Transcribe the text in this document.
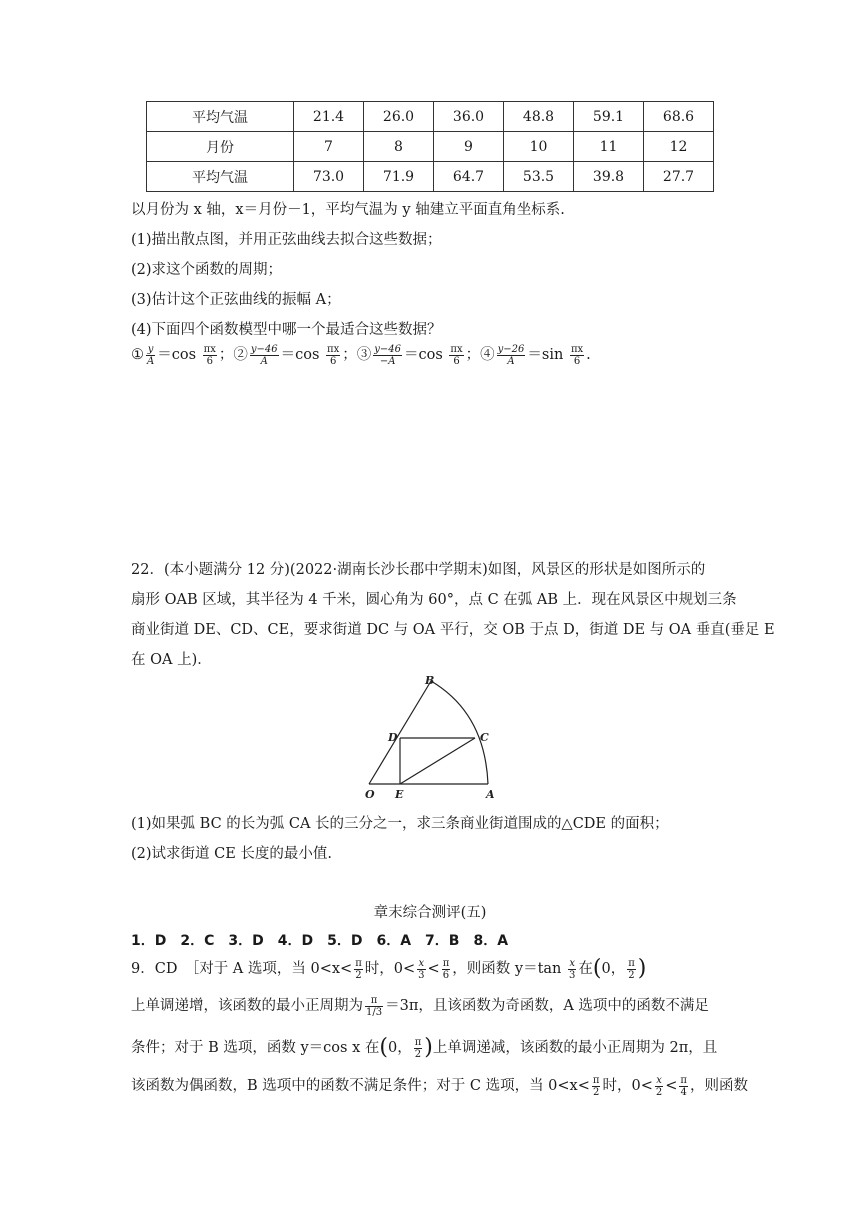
平均气温	21.4	26.0	36.0	48.8	59.1	68.6
月份	7	8	9	10	11	12
平均气温	73.0	71.9	64.7	53.5	39.8	27.7
以月份为 x 轴，x＝月份－1，平均气温为 y 轴建立平面直角坐标系.
(1)描出散点图，并用正弦曲线去拟合这些数据；
(2)求这个函数的周期；
(3)估计这个正弦曲线的振幅 A；
(4)下面四个函数模型中哪一个最适合这些数据？
① $\frac{y}{A} =\cos \frac{\pi x}{6}$ ；② $\frac{y-46}{A} =\cos \frac{\pi x}{6}$ ；③ $\frac{y-46}{-A} =\cos \frac{\pi x}{6}$ ；④ $\frac{y-26}{A} =\sin \frac{\pi x}{6}$ .
22．(本小题满分 12 分)(2022·湖南长沙长郡中学期末)如图，风景区的形状是如图所示的
扇形 OAB 区域，其半径为 4 千米，圆心角为 60°，点 C 在弧 AB 上．现在风景区中规划三条
商业街道 DE、CD、CE，要求街道 DC 与 OA 平行，交 OB 于点 D，街道 DE 与 OA 垂直(垂足 E
在 OA 上)．
B
D	C
O E	A
(1)如果弧 BC 的长为弧 CA 长的三分之一，求三条商业街道围成的△CDE 的面积；
(2)试求街道 CE 长度的最小值.
章末综合测评(五)
1．D　2．C　3．D　4．D　5．D　6．A　7．B　8．A
9．CD　［对于 A 选项，当 $0<x< \frac{\pi}{2}$ 时，$0< \frac{x}{3} < \frac{\pi}{6}$ ，则函数 $y=\tan \frac{x}{3}$ 在(0， $\frac{\pi}{2}$ )
上单调递增，该函数的最小正周期为 $\frac{\pi}{1/3} =3\pi$，且该函数为奇函数，A 选项中的函数不满足
条件；对于 B 选项，函数 y＝cos x 在(0， $\frac{\pi}{2}$ )上单调递减，该函数的最小正周期为 2π，且
该函数为偶函数，B 选项中的函数不满足条件；对于 C 选项，当 $0<x< \frac{\pi}{2}$ 时，$0< \frac{x}{2} < \frac{\pi}{4}$ ，则函数
